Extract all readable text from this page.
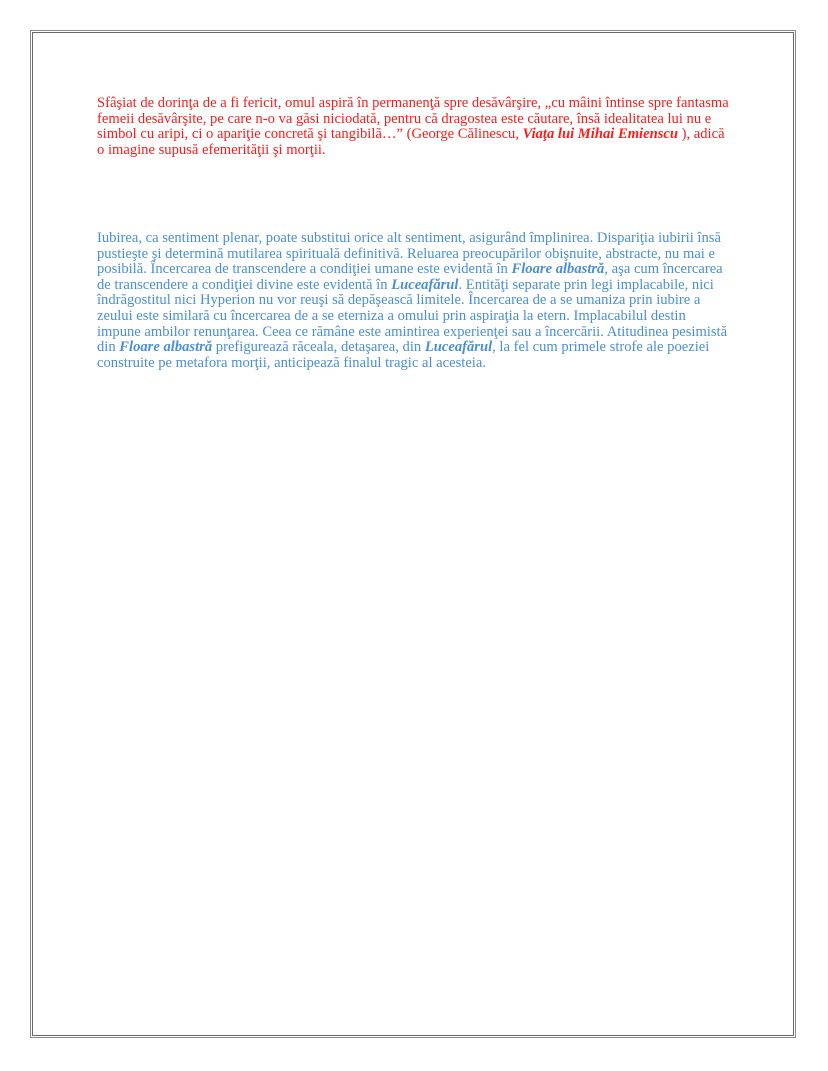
Sfâşiat de dorinţa de a fi fericit, omul aspiră în permanenţă spre desăvârşire, „cu mâini întinse spre fantasma femeii desăvârşite, pe care n-o va găsi niciodată, pentru că dragostea este căutare, însă idealitatea lui nu e simbol cu aripi, ci o apariţie concretă şi tangibilă…” (George Călinescu, Viaţa lui Mihai Emienscu ), adică o imagine supusă efemerităţii şi morţii.

Iubirea, ca sentiment plenar, poate substitui orice alt sentiment, asigurând împlinirea. Dispariţia iubirii însă pustieşte şi determină mutilarea spirituală definitivă. Reluarea preocupărilor obişnuite, abstracte, nu mai e posibilă. Încercarea de transcendere a condiţiei umane este evidentă în Floare albastră, aşa cum încercarea de transcendere a condiţiei divine este evidentă în Luceafărul. Entităţi separate prin legi implacabile, nici îndrăgostitul nici Hyperion nu vor reuşi să depăşească limitele. Încercarea de a se umaniza prin iubire a zeului este similară cu încercarea de a se eterniza a omului prin aspiraţia la etern. Implacabilul destin impune ambilor renunţarea. Ceea ce rămâne este amintirea experienţei sau a încercării. Atitudinea pesimistă din Floare albastră prefigurează răceala, detaşarea, din Luceafărul, la fel cum primele strofe ale poeziei construite pe metafora morţii, anticipează finalul tragic al acesteia.
